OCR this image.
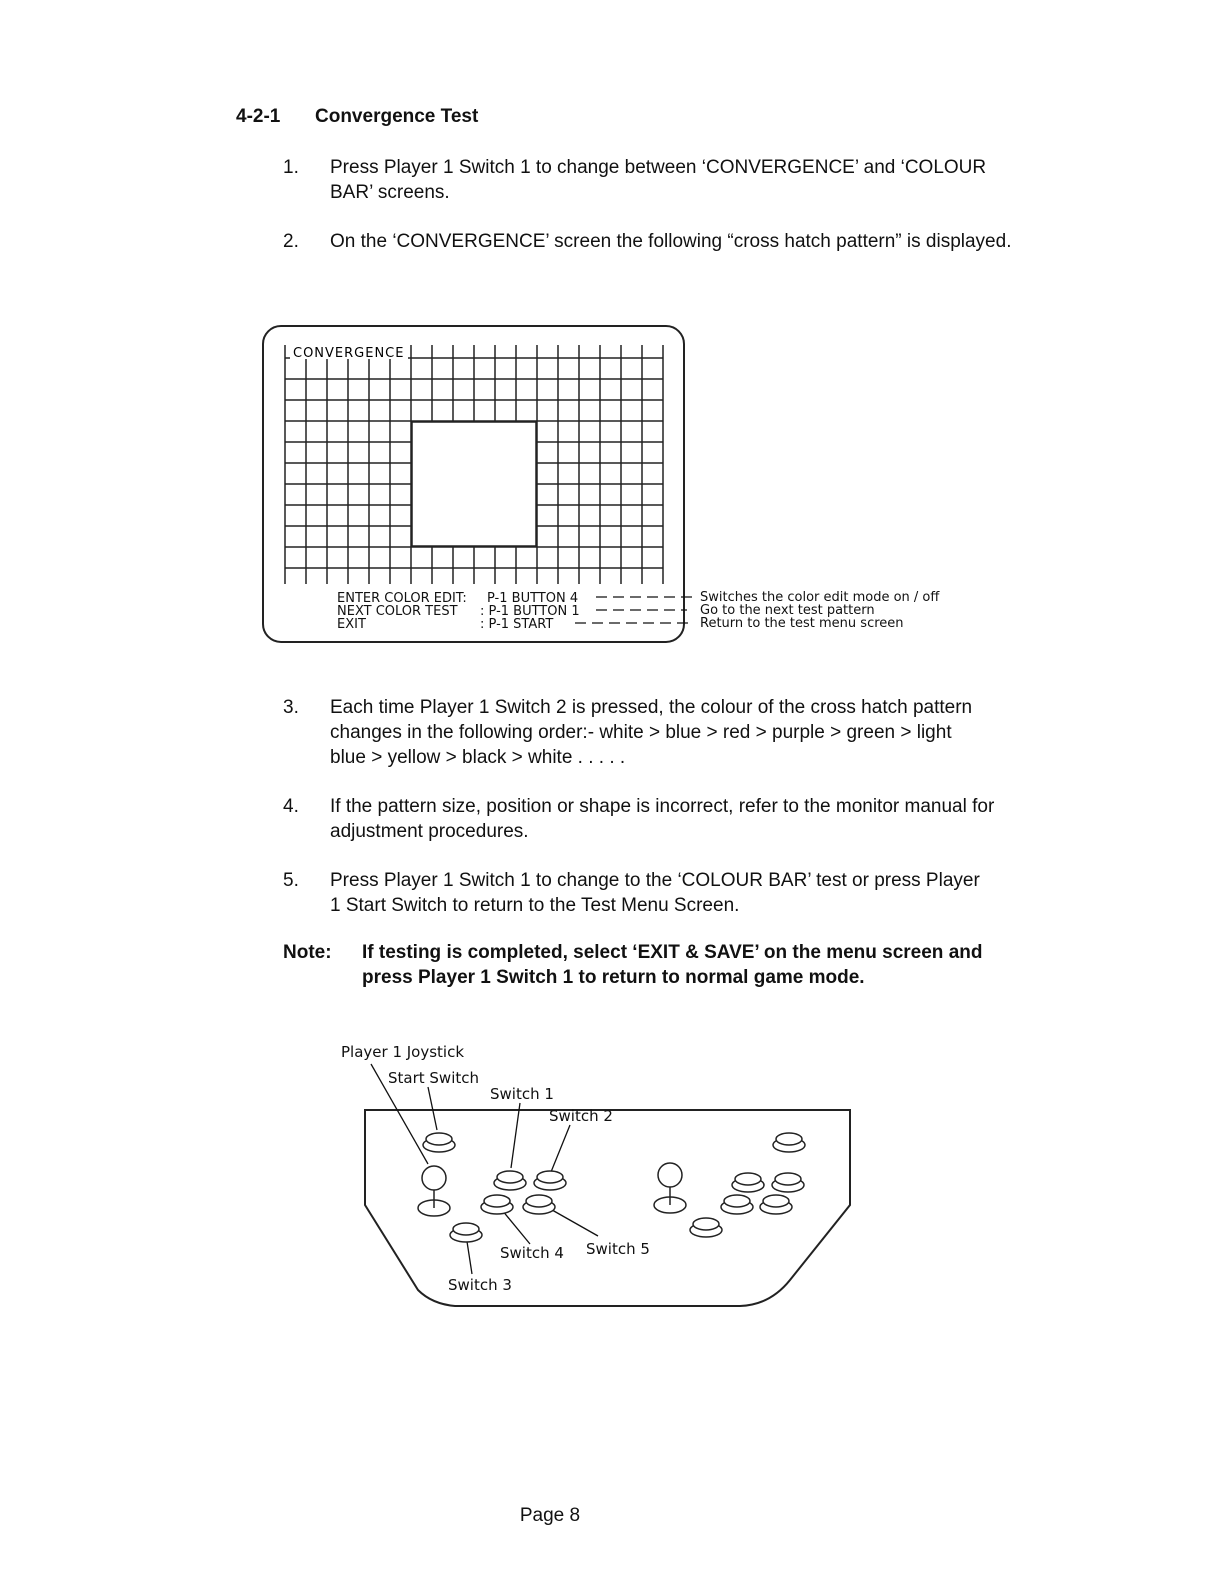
4-2-1 Convergence Test
1. Press Player 1 Switch 1 to change between ‘CONVERGENCE’ and ‘COLOUR BAR’ screens.
2. On the ‘CONVERGENCE’ screen the following “cross hatch pattern” is displayed.
CONVERGENCE
ENTER COLOR EDIT: P-1 BUTTON 4
NEXT COLOR TEST : P-1 BUTTON 1
EXIT	: P-1 START
Switches the color edit mode on / off
Go to the next test pattern
Return to the test menu screen
3. Each time Player 1 Switch 2 is pressed, the colour of the cross hatch pattern changes in the following order:- white > blue > red > purple > green > light blue > yellow > black > white . . . . .
4. If the pattern size, position or shape is incorrect, refer to the monitor manual for adjustment procedures.
5. Press Player 1 Switch 1 to change to the ‘COLOUR BAR’ test or press Player 1 Start Switch to return to the Test Menu Screen.
Note: If testing is completed, select ‘EXIT & SAVE’ on the menu screen and press Player 1 Switch 1 to return to normal game mode.
Player 1 Joystick
Start Switch
Switch 1
Switch 2
Switch 4 Switch 5
Switch 3
Page 8
